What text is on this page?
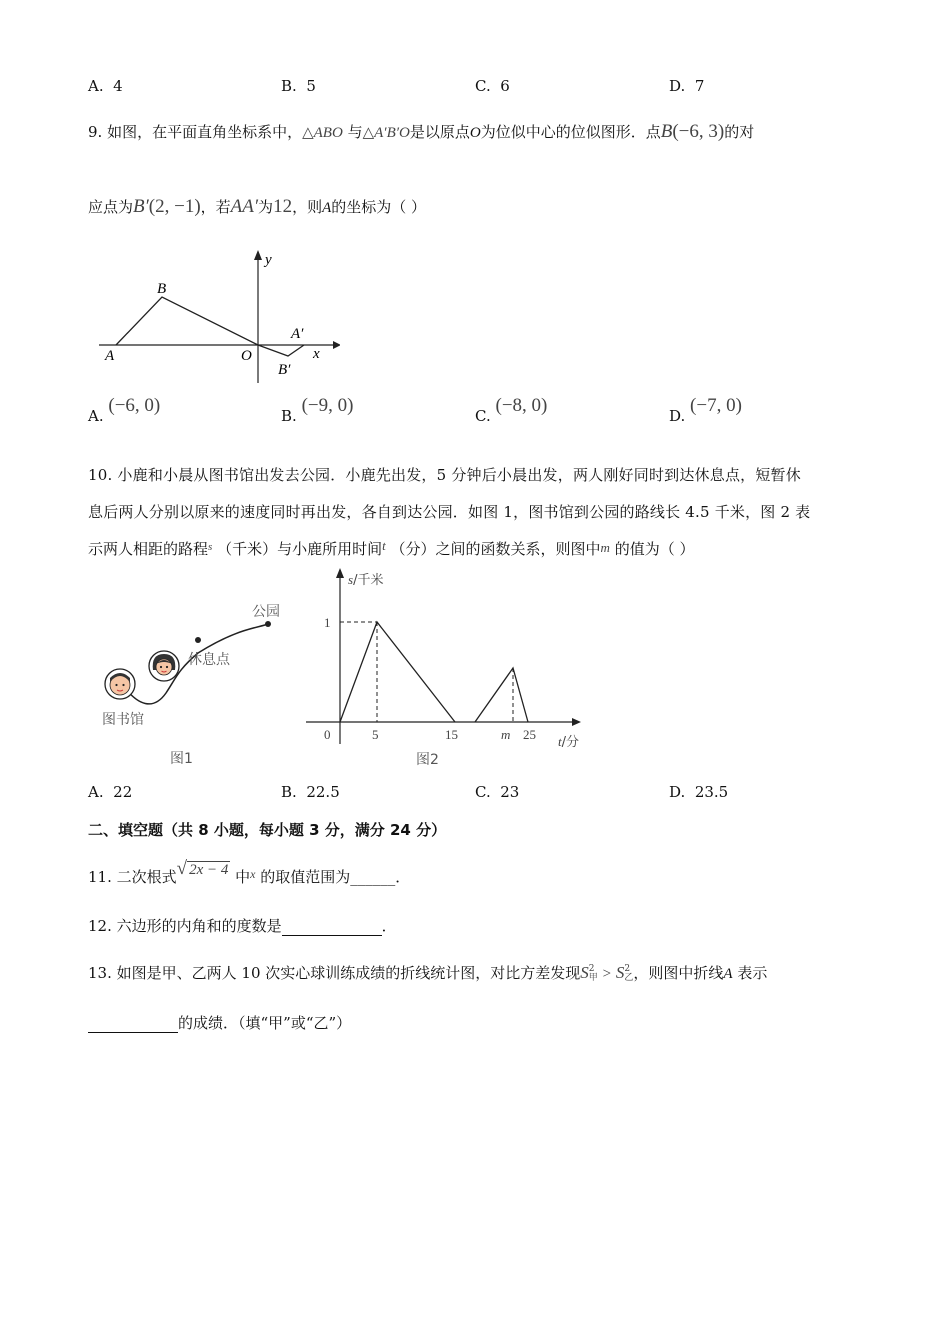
A. 4	B. 5	C. 6	D. 7
9. 如图，在平面直角坐标系中，△ABO 与△A′B′O是以原点O为位似中心的位似图形．点B(−6, 3)的对
应点为B′(2, −1)，若AA′为12，则A的坐标为（ ）
y
x
B
A	O
A′
B′
A. (−6, 0)	B. (−9, 0)	C. (−8, 0)	D. (−7, 0)
10. 小鹿和小晨从图书馆出发去公园．小鹿先出发，5 分钟后小晨出发，两人刚好同时到达休息点，短暂休
息后两人分别以原来的速度同时再出发，各自到达公园．如图 1，图书馆到公园的路线长 4.5 千米，图 2 表
示两人相距的路程$^s$ （千米）与小鹿所用时间t （分）之间的函数关系，则图中m 的值为（ ）
图书馆
休息点
公园
图1
s/千米
1
0	5	15	m 25 t/分
图2
A. 22	B. 22.5	C. 23	D. 23.5
二、填空题（共 8 小题，每小题 3 分，满分 24 分）
11. 二次根式√ 2x − 4 中$^x$ 的取值范围为______．
12. 六边形的内角和的度数是	．
13. 如图是甲、乙两人 10 次实心球训练成绩的折线统计图，对比方差发现S 2
甲 > S 2
乙 ，则图中折线A 表示
的成绩．（填“甲”或“乙”）
